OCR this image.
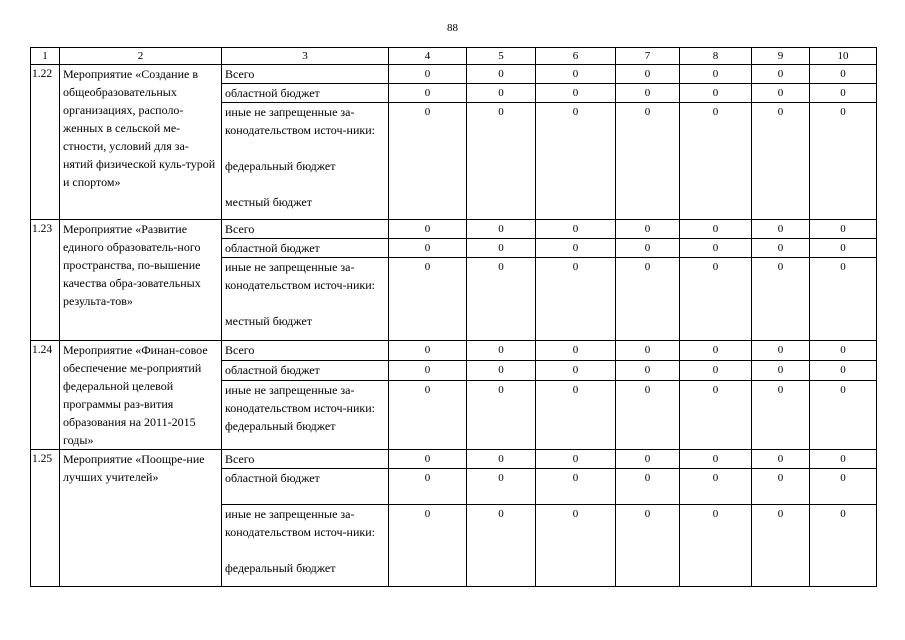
88
1	2	3	4	5	6	7	8	9	10
1.22	Мероприятие «Создание в общеобразовательных организациях, располо-женных в сельской ме-стности, условий для за-нятий физической куль-турой и спортом»	Всего	0	0	0	0	0	0	0
		областной бюджет	0	0	0	0	0	0	0
		иные не запрещенные за-конодательством источ-ники:

федеральный бюджет

местный бюджет	0	0	0	0	0	0	0
1.23	Мероприятие «Развитие единого образователь-ного пространства, по-вышение качества обра-зовательных результа-тов»	Всего	0	0	0	0	0	0	0
		областной бюджет	0	0	0	0	0	0	0
		иные не запрещенные за-конодательством источ-ники:

местный бюджет	0	0	0	0	0	0	0
1.24	Мероприятие «Финан-совое обеспечение ме-роприятий федеральной целевой программы раз-вития образования на 2011-2015 годы»	Всего	0	0	0	0	0	0	0
		областной бюджет	0	0	0	0	0	0	0
		иные не запрещенные за-конодательством источ-ники:
федеральный бюджет	0	0	0	0	0	0	0
1.25	Мероприятие «Поощре-ние лучших учителей»	Всего	0	0	0	0	0	0	0
		областной бюджет	0	0	0	0	0	0	0
		иные не запрещенные за-конодательством источ-ники:

федеральный бюджет	0	0	0	0	0	0	0
